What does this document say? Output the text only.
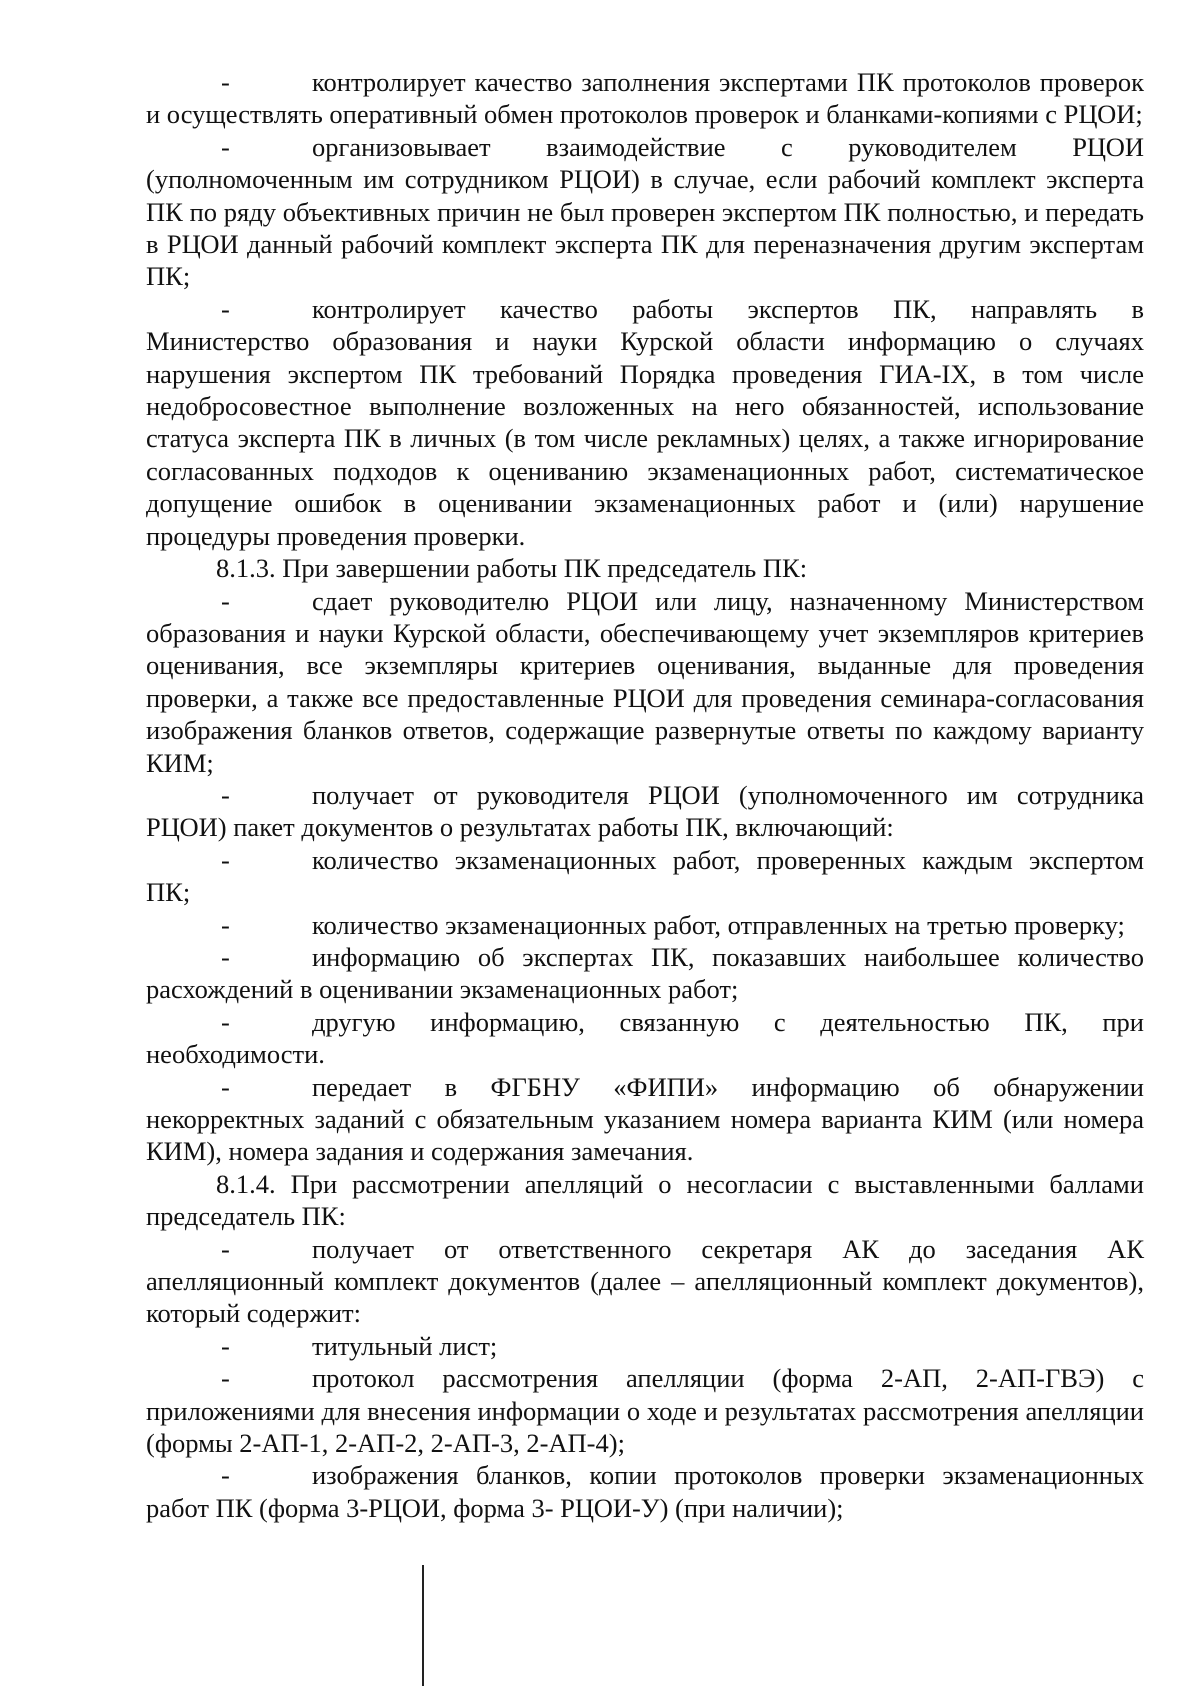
-	контролирует качество заполнения экспертами ПК протоколов проверок и осуществлять оперативный обмен протоколов проверок и бланками-копиями с РЦОИ;

-	организовывает взаимодействие с руководителем РЦОИ (уполномоченным им сотрудником РЦОИ) в случае, если рабочий комплект эксперта ПК по ряду объективных причин не был проверен экспертом ПК полностью, и передать в РЦОИ данный рабочий комплект эксперта ПК для переназначения другим экспертам ПК;

-	контролирует качество работы экспертов ПК, направлять в Министерство образования и науки Курской области информацию о случаях нарушения экспертом ПК требований Порядка проведения ГИА-IX, в том числе недобросовестное выполнение возложенных на него обязанностей, использование статуса эксперта ПК в личных (в том числе рекламных) целях, а также игнорирование согласованных подходов к оцениванию экзаменационных работ, систематическое допущение ошибок в оценивании экзаменационных работ и (или) нарушение процедуры проведения проверки.

8.1.3. При завершении работы ПК председатель ПК:

-	сдает руководителю РЦОИ или лицу, назначенному Министерством образования и науки Курской области, обеспечивающему учет экземпляров критериев оценивания, все экземпляры критериев оценивания, выданные для проведения проверки, а также все предоставленные РЦОИ для проведения семинара-согласования изображения бланков ответов, содержащие развернутые ответы по каждому варианту КИМ;

-	получает от руководителя РЦОИ (уполномоченного им сотрудника РЦОИ) пакет документов о результатах работы ПК, включающий:

-	количество экзаменационных работ, проверенных каждым экспертом ПК;

-	количество экзаменационных работ, отправленных на третью проверку;

-	информацию об экспертах ПК, показавших наибольшее количество расхождений в оценивании экзаменационных работ;

-	другую информацию, связанную с деятельностью ПК, при необходимости.

-	передает в ФГБНУ «ФИПИ» информацию об обнаружении некорректных заданий с обязательным указанием номера варианта КИМ (или номера КИМ), номера задания и содержания замечания.

8.1.4. При рассмотрении апелляций о несогласии с выставленными баллами председатель ПК:

-	получает от ответственного секретаря АК до заседания АК апелляционный комплект документов (далее – апелляционный комплект документов), который содержит:

-	титульный лист;

-	протокол рассмотрения апелляции (форма 2-АП, 2-АП-ГВЭ) с приложениями для внесения информации о ходе и результатах рассмотрения апелляции (формы 2-АП-1, 2-АП-2, 2-АП-3, 2-АП-4);

-	изображения бланков, копии протоколов проверки экзаменационных работ ПК (форма 3-РЦОИ, форма 3- РЦОИ-У) (при наличии);
